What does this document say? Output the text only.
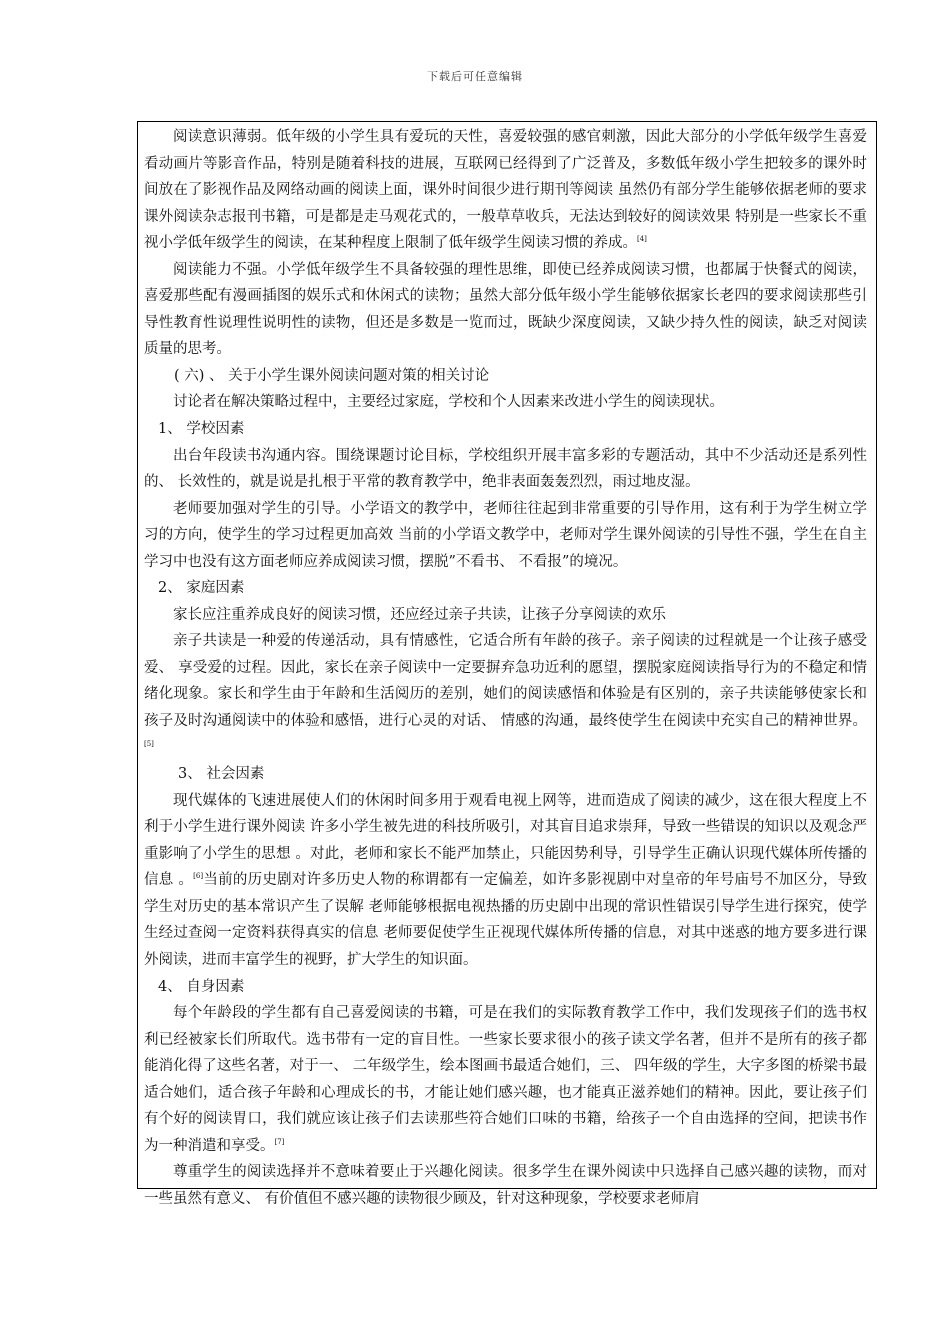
下载后可任意编辑

阅读意识薄弱。低年级的小学生具有爱玩的天性，喜爱较强的感官刺激，因此大部分的小学低年级学生喜爱看动画片等影音作品，特别是随着科技的进展，互联网已经得到了广泛普及，多数低年级小学生把较多的课外时间放在了影视作品及网络动画的阅读上面，课外时间很少进行期刊等阅读 虽然仍有部分学生能够依据老师的要求课外阅读杂志报刊书籍，可是都是走马观花式的，一般草草收兵，无法达到较好的阅读效果 特别是一些家长不重视小学低年级学生的阅读，在某种程度上限制了低年级学生阅读习惯的养成。[4]

阅读能力不强。小学低年级学生不具备较强的理性思维，即使已经养成阅读习惯，也都属于快餐式的阅读，喜爱那些配有漫画插图的娱乐式和休闲式的读物；虽然大部分低年级小学生能够依据家长老四的要求阅读那些引导性教育性说理性说明性的读物，但还是多数是一览而过，既缺少深度阅读，又缺少持久性的阅读，缺乏对阅读质量的思考。

( 六) 、 关于小学生课外阅读问题对策的相关讨论

讨论者在解决策略过程中，主要经过家庭，学校和个人因素来改进小学生的阅读现状。

1、 学校因素

出台年段读书沟通内容。围绕课题讨论目标，学校组织开展丰富多彩的专题活动，其中不少活动还是系列性的、 长效性的，就是说是扎根于平常的教育教学中，绝非表面轰轰烈烈，雨过地皮湿。

老师要加强对学生的引导。小学语文的教学中，老师往往起到非常重要的引导作用，这有利于为学生树立学习的方向，使学生的学习过程更加高效 当前的小学语文教学中，老师对学生课外阅读的引导性不强，学生在自主学习中也没有这方面老师应养成阅读习惯，摆脱”不看书、 不看报”的境况。

2、 家庭因素

家长应注重养成良好的阅读习惯，还应经过亲子共读，让孩子分享阅读的欢乐

亲子共读是一种爱的传递活动，具有情感性，它适合所有年龄的孩子。亲子阅读的过程就是一个让孩子感受爱、 享受爱的过程。因此，家长在亲子阅读中一定要摒弃急功近利的愿望，摆脱家庭阅读指导行为的不稳定和情绪化现象。家长和学生由于年龄和生活阅历的差别，她们的阅读感悟和体验是有区别的，亲子共读能够使家长和孩子及时沟通阅读中的体验和感悟，进行心灵的对话、 情感的沟通，最终使学生在阅读中充实自己的精神世界。[5]

3、 社会因素

现代媒体的飞速进展使人们的休闲时间多用于观看电视上网等，进而造成了阅读的减少，这在很大程度上不利于小学生进行课外阅读 许多小学生被先进的科技所吸引，对其盲目追求崇拜，导致一些错误的知识以及观念严重影响了小学生的思想 。对此，老师和家长不能严加禁止，只能因势利导，引导学生正确认识现代媒体所传播的信息 。[6]当前的历史剧对许多历史人物的称谓都有一定偏差，如许多影视剧中对皇帝的年号庙号不加区分，导致学生对历史的基本常识产生了误解 老师能够根据电视热播的历史剧中出现的常识性错误引导学生进行探究，使学生经过查阅一定资料获得真实的信息 老师要促使学生正视现代媒体所传播的信息，对其中迷惑的地方要多进行课外阅读，进而丰富学生的视野，扩大学生的知识面。

4、 自身因素

每个年龄段的学生都有自己喜爱阅读的书籍，可是在我们的实际教育教学工作中，我们发现孩子们的选书权利已经被家长们所取代。选书带有一定的盲目性。一些家长要求很小的孩子读文学名著，但并不是所有的孩子都能消化得了这些名著，对于一、 二年级学生，绘本图画书最适合她们，三、 四年级的学生，大字多图的桥梁书最适合她们，适合孩子年龄和心理成长的书，才能让她们感兴趣，也才能真正滋养她们的精神。因此，要让孩子们有个好的阅读胃口，我们就应该让孩子们去读那些符合她们口味的书籍，给孩子一个自由选择的空间，把读书作为一种消遣和享受。[7]

尊重学生的阅读选择并不意味着要止于兴趣化阅读。很多学生在课外阅读中只选择自己感兴趣的读物，而对一些虽然有意义、 有价值但不感兴趣的读物很少顾及，针对这种现象，学校要求老师肩
